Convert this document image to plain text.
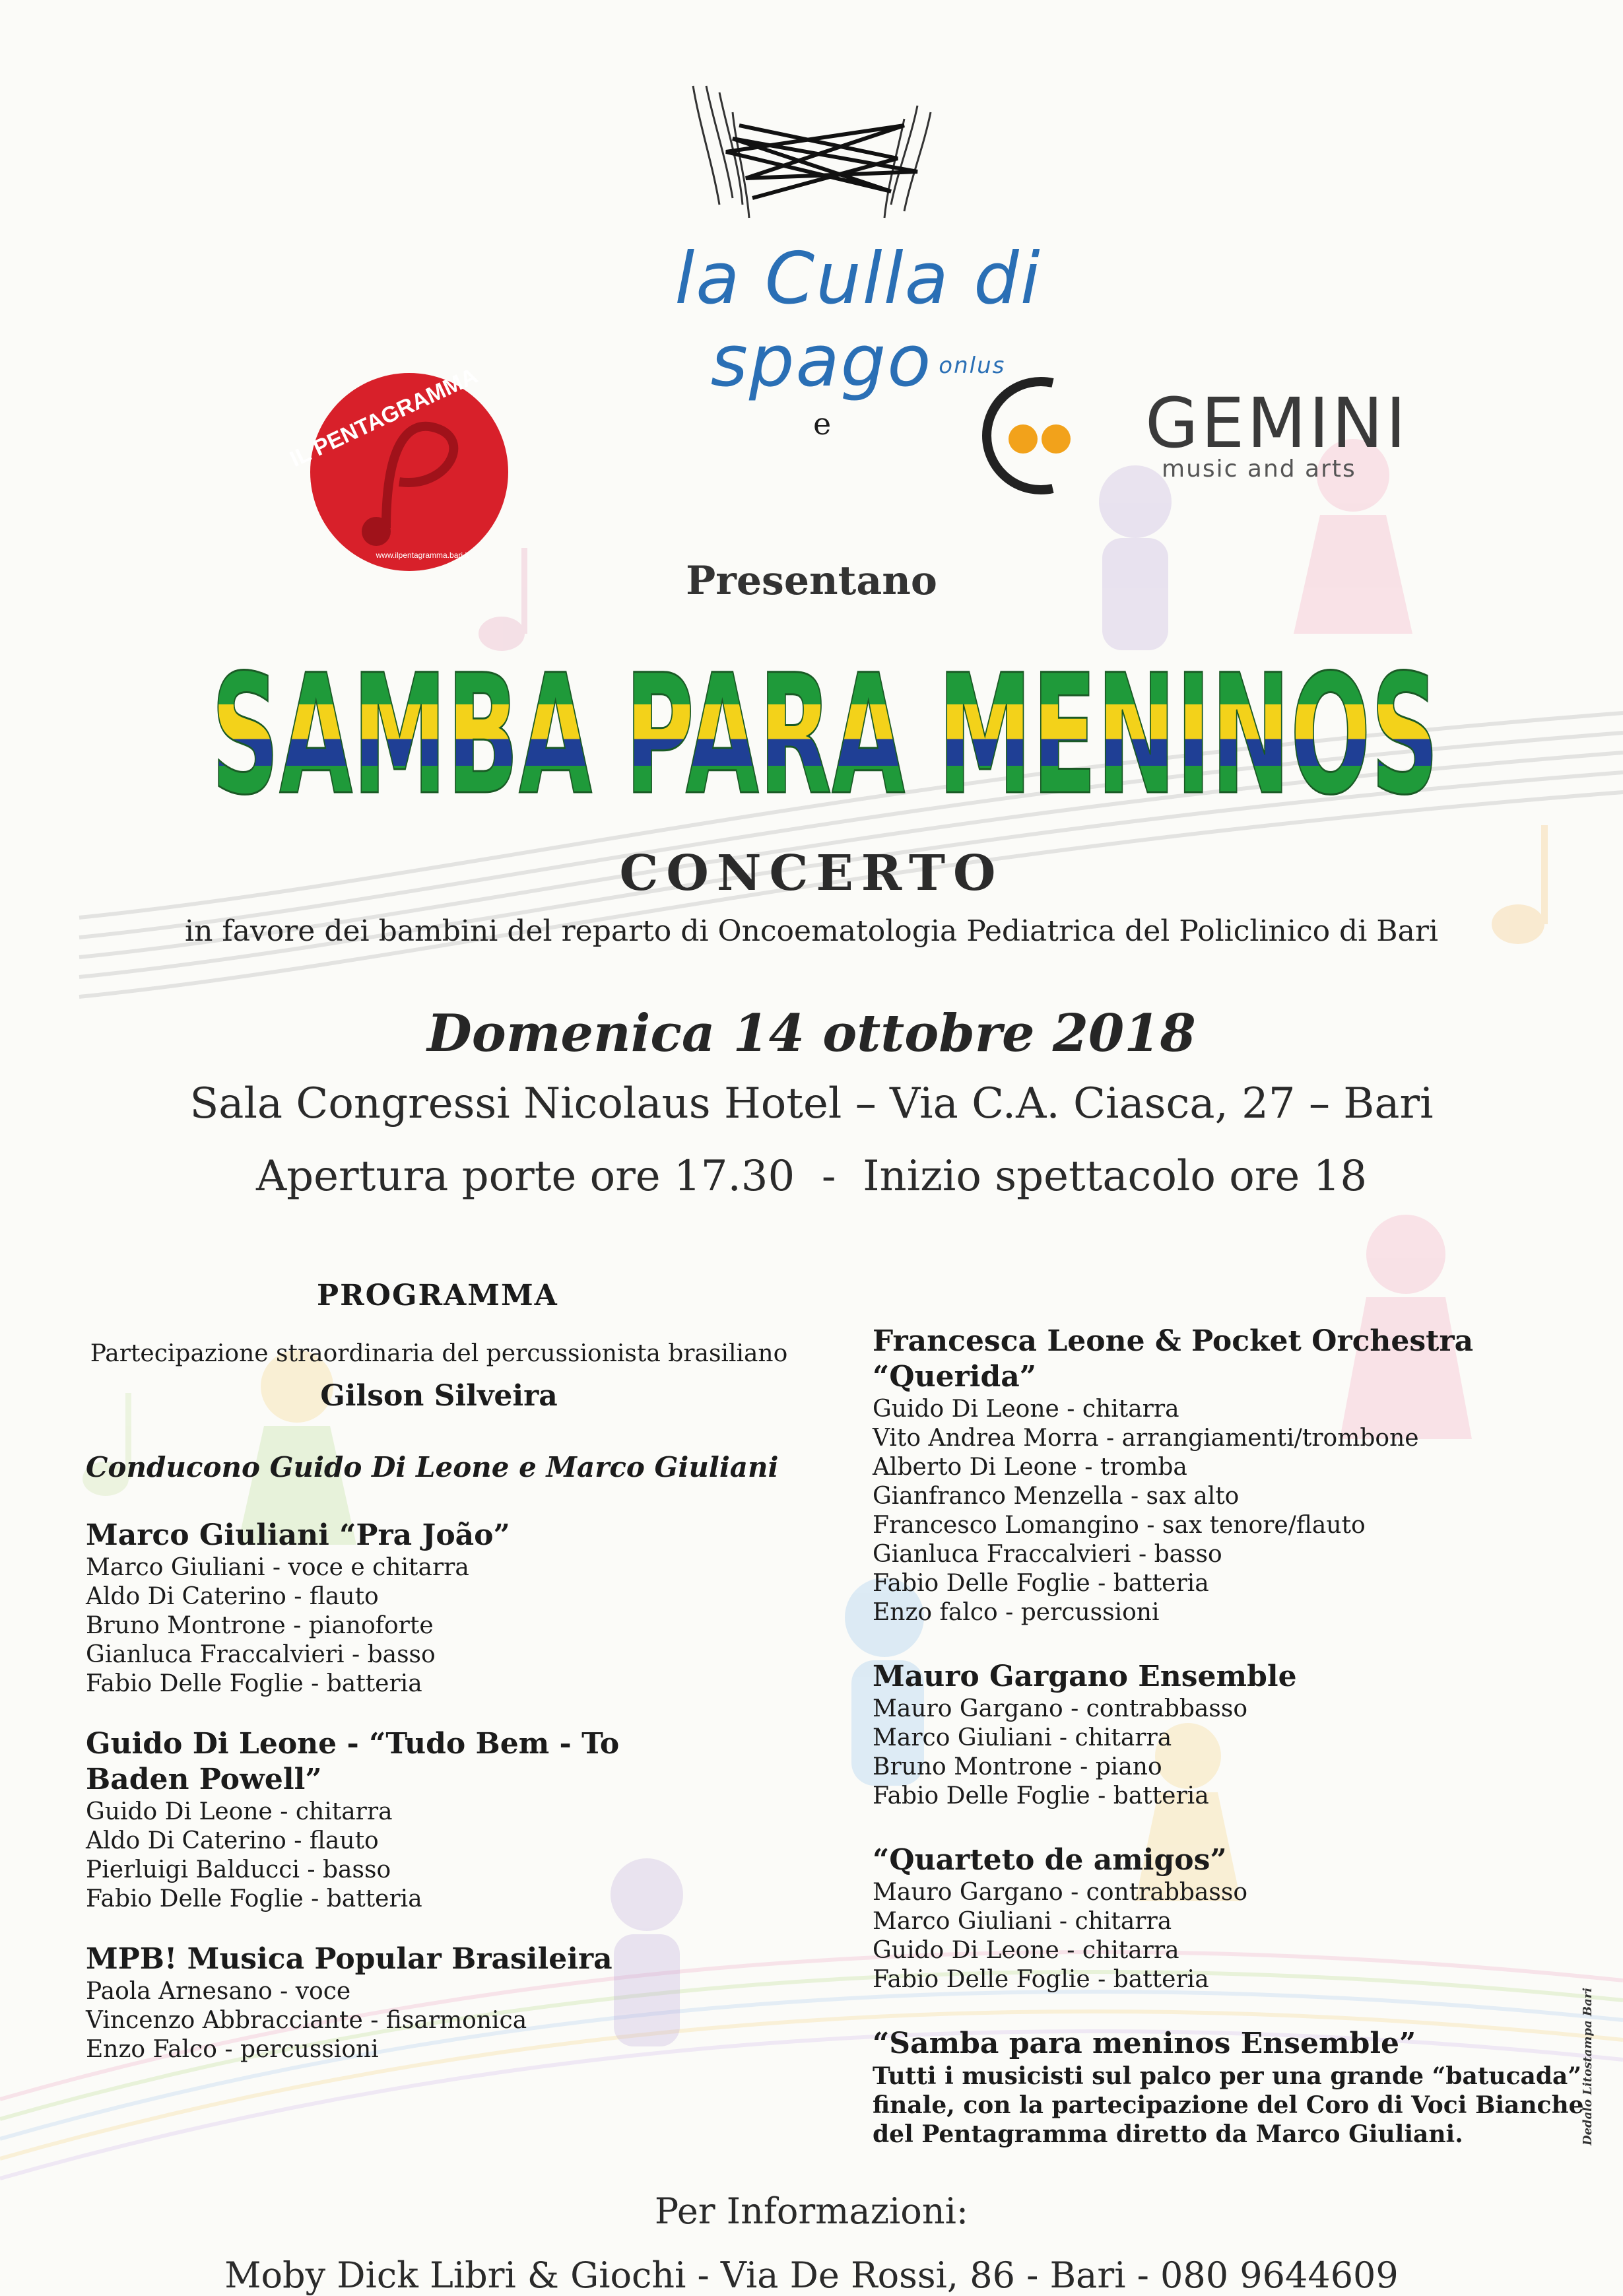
la Culla di spago onlus
IL PENTAGRAMMA
www.ilpentagramma.bari.it
e	GEMINI
music and arts
Presentano
SAMBA PARA MENINOS
CONCERTO
in favore dei bambini del reparto di Oncoematologia Pediatrica del Policlinico di Bari
Domenica 14 ottobre 2018
Sala Congressi Nicolaus Hotel – Via C.A. Ciasca, 27 – Bari
Apertura porte ore 17.30  -  Inizio spettacolo ore 18
PROGRAMMA
Partecipazione straordinaria del percussionista brasiliano
Gilson Silveira
Conducono Guido Di Leone e Marco Giuliani
Marco Giuliani “Pra João”
Marco Giuliani - voce e chitarra
Aldo Di Caterino - flauto
Bruno Montrone - pianoforte
Gianluca Fraccalvieri - basso
Fabio Delle Foglie - batteria
Guido Di Leone - “Tudo Bem - To Baden Powell”
Guido Di Leone - chitarra
Aldo Di Caterino - flauto
Pierluigi Balducci - basso
Fabio Delle Foglie - batteria
MPB! Musica Popular Brasileira
Paola Arnesano - voce
Vincenzo Abbracciante - fisarmonica
Enzo Falco - percussioni
Francesca Leone & Pocket Orchestra “Querida”
Guido Di Leone - chitarra
Vito Andrea Morra - arrangiamenti/trombone
Alberto Di Leone - tromba
Gianfranco Menzella - sax alto
Francesco Lomangino - sax tenore/flauto
Gianluca Fraccalvieri - basso
Fabio Delle Foglie - batteria
Enzo falco - percussioni
Mauro Gargano Ensemble
Mauro Gargano - contrabbasso
Marco Giuliani - chitarra
Bruno Montrone - piano
Fabio Delle Foglie - batteria
“Quarteto de amigos”
Mauro Gargano - contrabbasso
Marco Giuliani - chitarra
Guido Di Leone - chitarra
Fabio Delle Foglie - batteria
“Samba para meninos Ensemble”
Tutti i musicisti sul palco per una grande “batucada” finale, con la partecipazione del Coro di Voci Bianche del Pentagramma diretto da Marco Giuliani.
Per Informazioni:
Moby Dick Libri & Giochi - Via De Rossi, 86 - Bari - 080 9644609
Dedalo Litostampa Bari
